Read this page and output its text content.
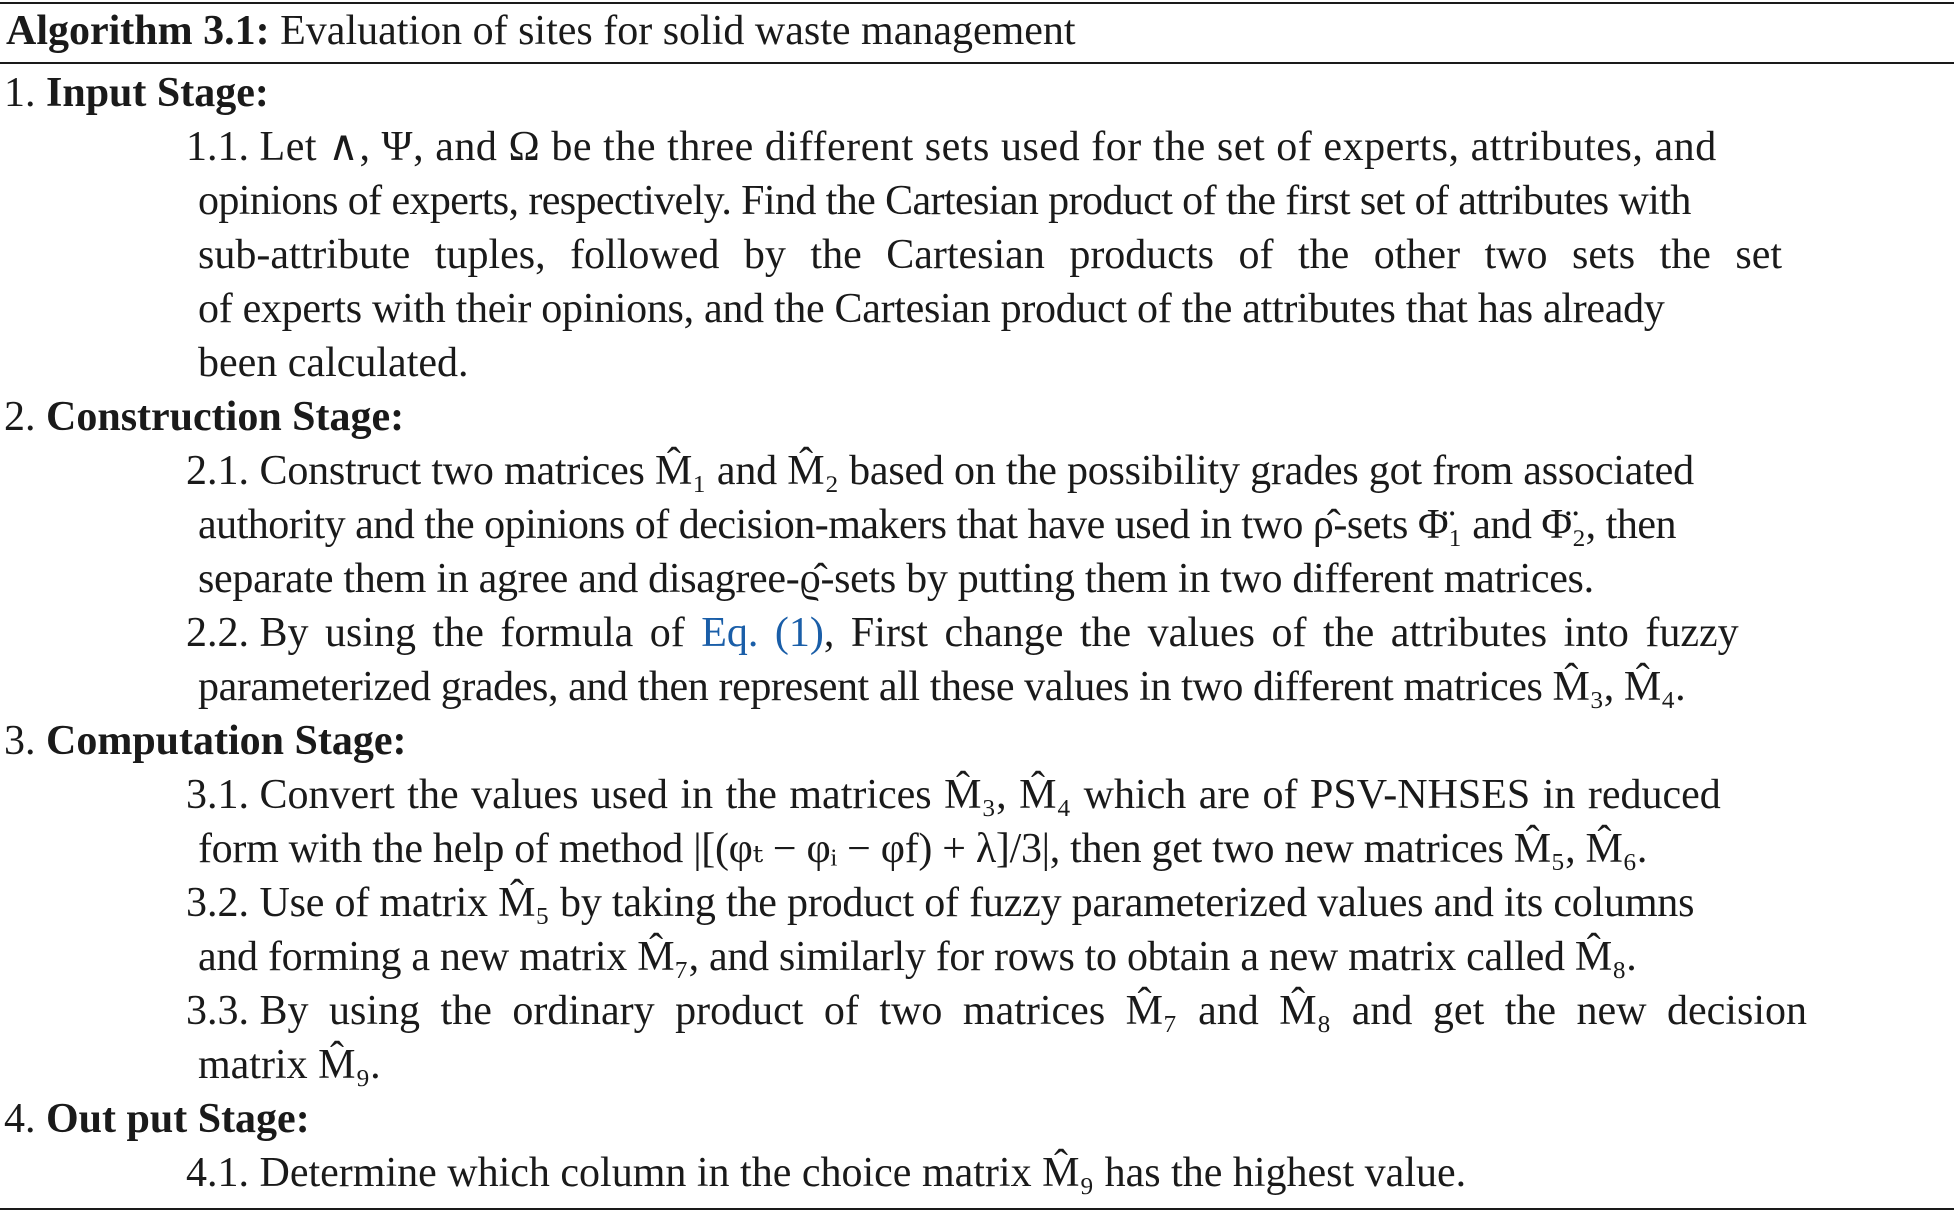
Algorithm 3.1: Evaluation of sites for solid waste management
1. Input Stage:
1.1. Let ∧, Ψ, and Ω be the three different sets used for the set of experts, attributes, and
opinions of experts, respectively. Find the Cartesian product of the first set of attributes with
sub-attribute tuples, followed by the Cartesian products of the other two sets the set
of experts with their opinions, and the Cartesian product of the attributes that has already
been calculated.
2. Construction Stage:
2.1. Construct two matrices M̂₁ and M̂₂ based on the possibility grades got from associated
authority and the opinions of decision-makers that have used in two ρ̂-sets Φ̈₁ and Φ̈₂, then
separate them in agree and disagree-ϱ̂-sets by putting them in two different matrices.
2.2. By using the formula of Eq. (1), First change the values of the attributes into fuzzy
parameterized grades, and then represent all these values in two different matrices M̂₃, M̂₄.
3. Computation Stage:
3.1. Convert the values used in the matrices M̂₃, M̂₄ which are of PSV-NHSES in reduced
form with the help of method |[(φₜ − φᵢ − φf) + λ]/3|, then get two new matrices M̂₅, M̂₆.
3.2. Use of matrix M̂₅ by taking the product of fuzzy parameterized values and its columns
and forming a new matrix M̂₇, and similarly for rows to obtain a new matrix called M̂₈.
3.3. By using the ordinary product of two matrices M̂₇ and M̂₈ and get the new decision
matrix M̂₉.
4. Out put Stage:
4.1. Determine which column in the choice matrix M̂₉ has the highest value.
